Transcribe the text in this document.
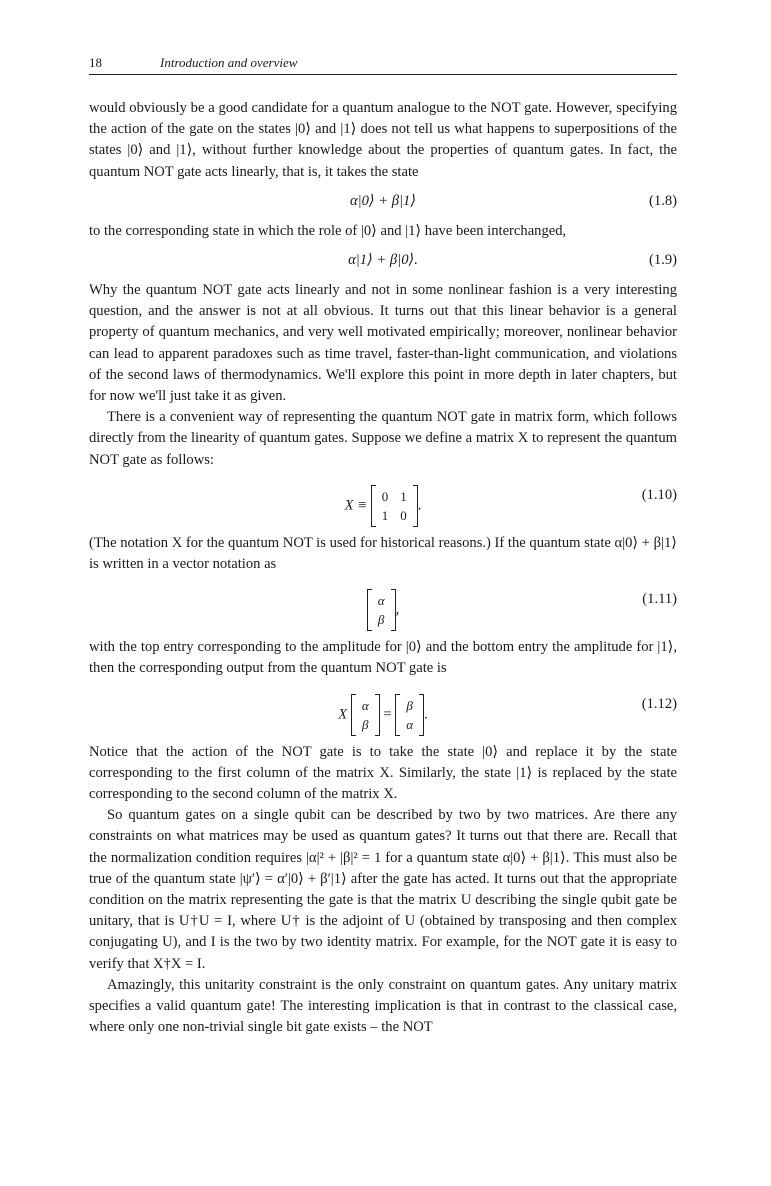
18	Introduction and overview

would obviously be a good candidate for a quantum analogue to the NOT gate. However, specifying the action of the gate on the states |0⟩ and |1⟩ does not tell us what happens to superpositions of the states |0⟩ and |1⟩, without further knowledge about the properties of quantum gates. In fact, the quantum NOT gate acts linearly, that is, it takes the state

α|0⟩ + β|1⟩	(1.8)

to the corresponding state in which the role of |0⟩ and |1⟩ have been interchanged,

α|1⟩ + β|0⟩.	(1.9)

Why the quantum NOT gate acts linearly and not in some nonlinear fashion is a very interesting question, and the answer is not at all obvious. It turns out that this linear behavior is a general property of quantum mechanics, and very well motivated empirically; moreover, nonlinear behavior can lead to apparent paradoxes such as time travel, faster-than-light communication, and violations of the second laws of thermodynamics. We'll explore this point in more depth in later chapters, but for now we'll just take it as given.

There is a convenient way of representing the quantum NOT gate in matrix form, which follows directly from the linearity of quantum gates. Suppose we define a matrix X to represent the quantum NOT gate as follows:

X ≡
0 1
1 0
.
(1.10)

(The notation X for the quantum NOT is used for historical reasons.) If the quantum state α|0⟩ + β|1⟩ is written in a vector notation as

α
β
,
(1.11)

with the top entry corresponding to the amplitude for |0⟩ and the bottom entry the amplitude for |1⟩, then the corresponding output from the quantum NOT gate is

X
α
β
=
β
α
.
(1.12)

Notice that the action of the NOT gate is to take the state |0⟩ and replace it by the state corresponding to the first column of the matrix X. Similarly, the state |1⟩ is replaced by the state corresponding to the second column of the matrix X.

So quantum gates on a single qubit can be described by two by two matrices. Are there any constraints on what matrices may be used as quantum gates? It turns out that there are. Recall that the normalization condition requires |α|² + |β|² = 1 for a quantum state α|0⟩ + β|1⟩. This must also be true of the quantum state |ψ′⟩ = α′|0⟩ + β′|1⟩ after the gate has acted. It turns out that the appropriate condition on the matrix representing the gate is that the matrix U describing the single qubit gate be unitary, that is U†U = I, where U† is the adjoint of U (obtained by transposing and then complex conjugating U), and I is the two by two identity matrix. For example, for the NOT gate it is easy to verify that X†X = I.

Amazingly, this unitarity constraint is the only constraint on quantum gates. Any unitary matrix specifies a valid quantum gate! The interesting implication is that in contrast to the classical case, where only one non-trivial single bit gate exists – the NOT
